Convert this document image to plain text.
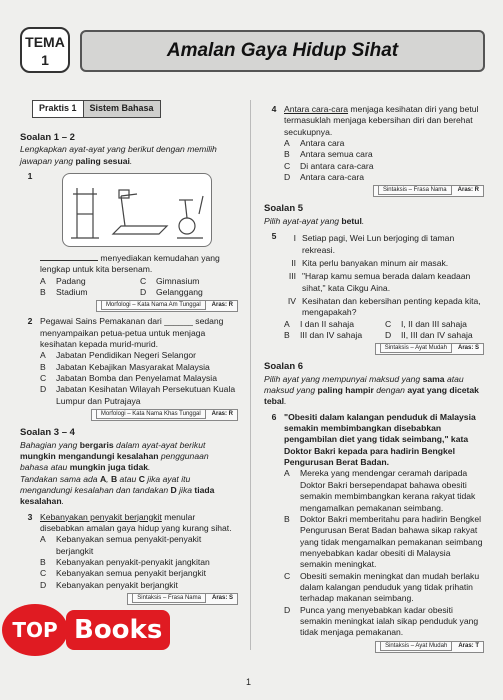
TEMA
1	Amalan Gaya Hidup Sihat
Praktis 1	Sistem Bahasa
Soalan 1 – 2
Lengkapkan ayat-ayat yang berikut dengan memilih jawapan yang paling sesuai.
1
menyediakan kemudahan yang lengkap untuk kita bersenam.
A	Padang	C	Gimnasium
B	Stadium	D	Gelanggang
Morfologi – Kata Nama Am Tunggal Aras: R
2 Pegawai Sains Pemakanan dari ______ sedang menyampaikan petua-petua untuk menjaga kesihatan kepada murid-murid.
A	Jabatan Pendidikan Negeri Selangor
B	Jabatan Kebajikan Masyarakat Malaysia
C	Jabatan Bomba dan Penyelamat Malaysia
D	Jabatan Kesihatan Wilayah Persekutuan Kuala Lumpur dan Putrajaya
Morfologi – Kata Nama Khas Tunggal Aras: R
Soalan 3 – 4
Bahagian yang bergaris dalam ayat-ayat berikut mungkin mengandungi kesalahan penggunaan bahasa atau mungkin juga tidak.
Tandakan sama ada A, B atau C jika ayat itu mengandungi kesalahan dan tandakan D jika tiada kesalahan.
3 Kebanyakan penyakit berjangkit menular disebabkan amalan gaya hidup yang kurang sihat.
A	Kebanyakan semua penyakit-penyakit berjangkit
B	Kebanyakan penyakit-penyakit jangkitan
C	Kebanyakan semua penyakit berjangkit
D	Kebanyakan penyakit berjangkit
Sintaksis – Frasa Nama Aras: S
4 Antara cara-cara menjaga kesihatan diri yang betul termasuklah menjaga kebersihan diri dan berehat secukupnya.
A	Antara cara
B	Antara semua cara
C	Di antara cara-cara
D	Antara cara-cara
Sintaksis – Frasa Nama Aras: R
Soalan 5
Pilih ayat-ayat yang betul.
5	I Setiap pagi, Wei Lun berjoging di taman rekreasi.
II Kita perlu banyakan minum air masak.
III "Harap kamu semua berada dalam keadaan sihat," kata Cikgu Aina.
IV Kesihatan dan kebersihan penting kepada kita, mengapakah?
A	I dan II sahaja	C	I, II dan III sahaja
B	III dan IV sahaja	D	II, III dan IV sahaja
Sintaksis – Ayat Mudah Aras: S
Soalan 6
Pilih ayat yang mempunyai maksud yang sama atau maksud yang paling hampir dengan ayat yang dicetak tebal.
6 "Obesiti dalam kalangan penduduk di Malaysia semakin membimbangkan disebabkan pengambilan diet yang tidak seimbang," kata Doktor Bakri kepada para hadirin Bengkel Pengurusan Berat Badan.
A	Mereka yang mendengar ceramah daripada Doktor Bakri bersependapat bahawa obesiti semakin membimbangkan kerana rakyat tidak mengamalkan pemakanan seimbang.
B	Doktor Bakri memberitahu para hadirin Bengkel Pengurusan Berat Badan bahawa sikap rakyat yang tidak mengamalkan pemakanan seimbang menyebabkan kadar obesiti di Malaysia semakin meningkat.
C	Obesiti semakin meningkat dan mudah berlaku dalam kalangan penduduk yang tidak prihatin terhadap makanan seimbang.
D	Punca yang menyebabkan kadar obesiti semakin meningkat ialah sikap penduduk yang tidak menjaga pemakanan.
Sintaksis – Ayat Mudah Aras: T
TOP Books
1
